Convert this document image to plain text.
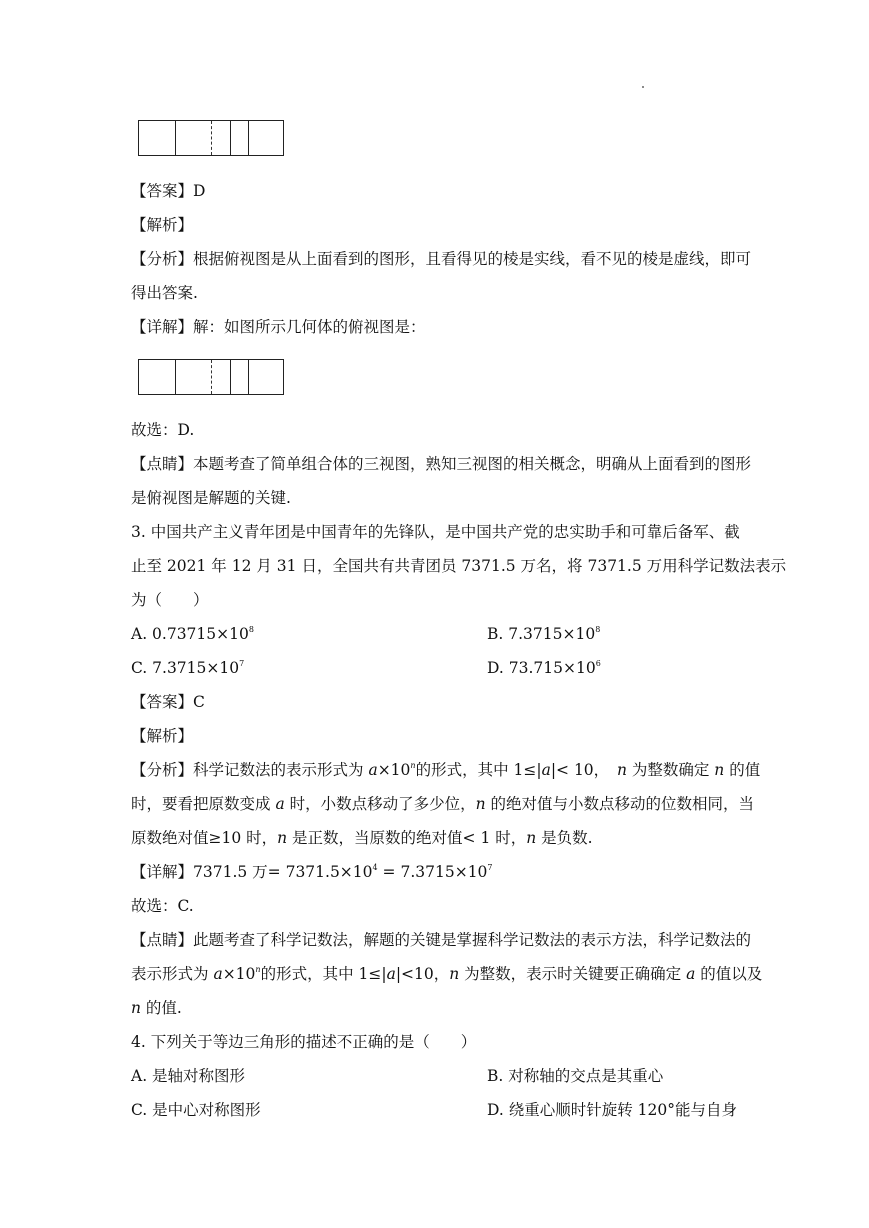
【答案】D
【解析】
【分析】根据俯视图是从上面看到的图形，且看得见的棱是实线，看不见的棱是虚线，即可
得出答案.
【详解】解：如图所示几何体的俯视图是：
故选：D.
【点睛】本题考查了简单组合体的三视图，熟知三视图的相关概念，明确从上面看到的图形
是俯视图是解题的关键.
3. 中国共产主义青年团是中国青年的先锋队，是中国共产党的忠实助手和可靠后备军、截
止至 2021 年 12 月 31 日，全国共有共青团员 7371.5 万名，将 7371.5 万用科学记数法表示
为（　　）
A. $0.73715\times 10^8$	B. $7.3715\times 10^8$
C. $7.3715\times 10^7$	D. $73.715\times 10^6$
【答案】C
【解析】
【分析】科学记数法的表示形式为 $a\times 10^n$的形式，其中 1≤|a|< 10，　n 为整数确定 n 的值
时，要看把原数变成 a 时，小数点移动了多少位，n 的绝对值与小数点移动的位数相同，当
原数绝对值≥10 时，n 是正数，当原数的绝对值< 1 时，n 是负数.
【详解】7371.5 万= $7371.5\times 10^4 = 7.3715\times 10^7$
故选：C.
【点睛】此题考查了科学记数法，解题的关键是掌握科学记数法的表示方法，科学记数法的
表示形式为 $a\times 10^n$的形式，其中 1≤|a|<10，n 为整数，表示时关键要正确确定 a 的值以及
n 的值.
4. 下列关于等边三角形的描述不正确的是（　　）
A. 是轴对称图形	B. 对称轴的交点是其重心
C. 是中心对称图形	D. 绕重心顺时针旋转 120°能与自身
